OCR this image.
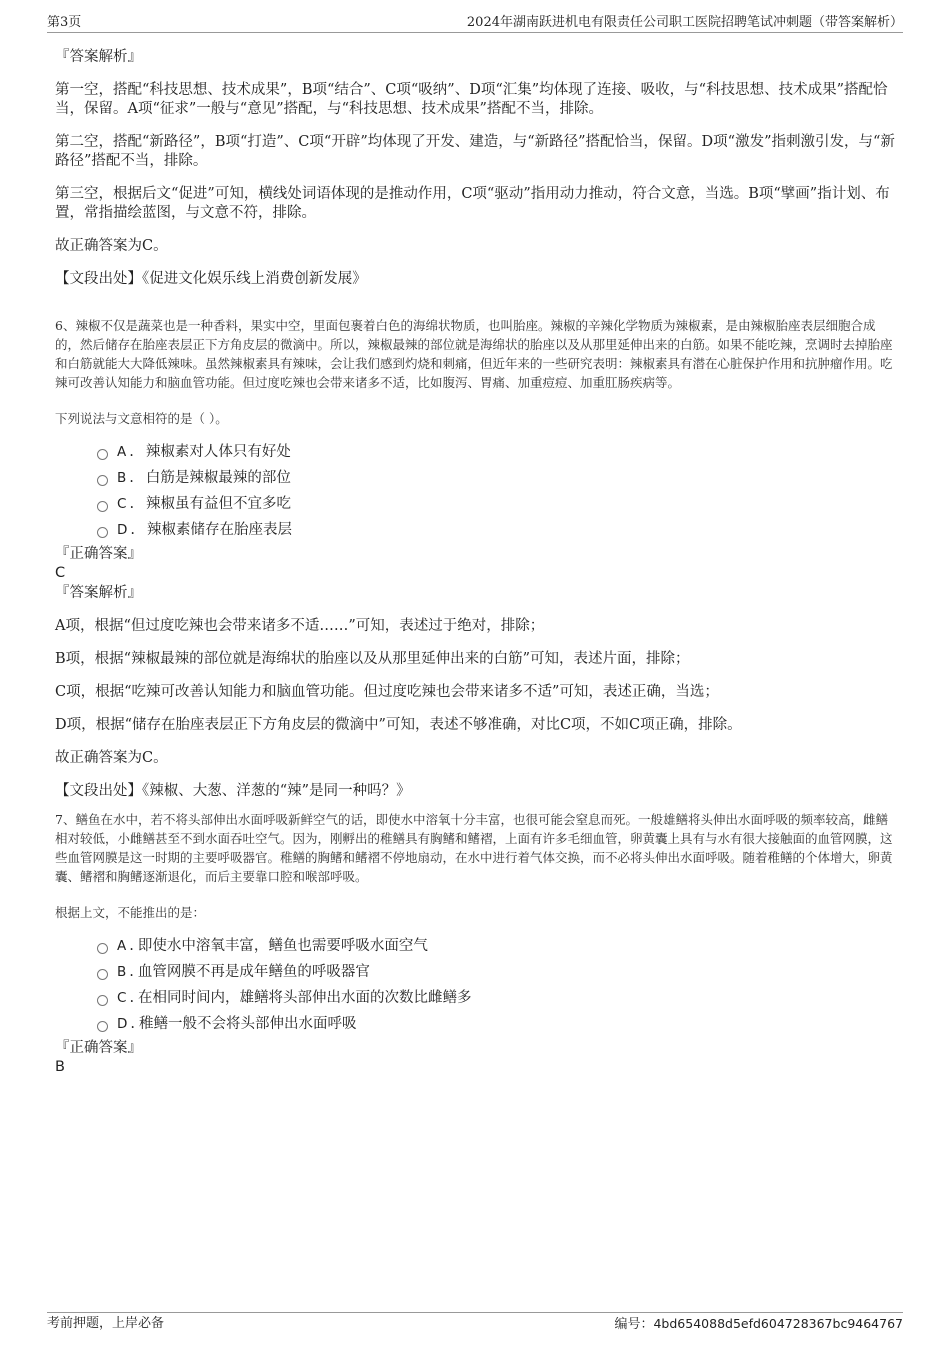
第3页	2024年湖南跃进机电有限责任公司职工医院招聘笔试冲刺题（带答案解析）

『答案解析』

第一空，搭配“科技思想、技术成果”，B项“结合”、C项“吸纳”、D项“汇集”均体现了连接、吸收，与“科技思想、技术成果”搭配恰当，保留。A项“征求”一般与“意见”搭配，与“科技思想、技术成果”搭配不当，排除。

第二空，搭配“新路径”，B项“打造”、C项“开辟”均体现了开发、建造，与“新路径”搭配恰当，保留。D项“激发”指刺激引发，与“新路径”搭配不当，排除。

第三空，根据后文“促进”可知，横线处词语体现的是推动作用，C项“驱动”指用动力推动，符合文意，当选。B项“擘画”指计划、布置，常指描绘蓝图，与文意不符，排除。

故正确答案为C。

【文段出处】《促进文化娱乐线上消费创新发展》

6、辣椒不仅是蔬菜也是一种香料，果实中空，里面包裹着白色的海绵状物质，也叫胎座。辣椒的辛辣化学物质为辣椒素，是由辣椒胎座表层细胞合成的，然后储存在胎座表层正下方角皮层的微滴中。所以，辣椒最辣的部位就是海绵状的胎座以及从那里延伸出来的白筋。如果不能吃辣，烹调时去掉胎座和白筋就能大大降低辣味。虽然辣椒素具有辣味，会让我们感到灼烧和刺痛，但近年来的一些研究表明：辣椒素具有潜在心脏保护作用和抗肿瘤作用。吃辣可改善认知能力和脑血管功能。但过度吃辣也会带来诸多不适，比如腹泻、胃痛、加重痘痘、加重肛肠疾病等。

下列说法与文意相符的是（ ）。

A . 辣椒素对人体只有好处
B . 白筋是辣椒最辣的部位
C . 辣椒虽有益但不宜多吃
D . 辣椒素储存在胎座表层

『正确答案』

C

『答案解析』

A项，根据“但过度吃辣也会带来诸多不适……”可知，表述过于绝对，排除；

B项，根据“辣椒最辣的部位就是海绵状的胎座以及从那里延伸出来的白筋”可知，表述片面，排除；

C项，根据“吃辣可改善认知能力和脑血管功能。但过度吃辣也会带来诸多不适”可知，表述正确，当选；

D项，根据“储存在胎座表层正下方角皮层的微滴中”可知，表述不够准确，对比C项，不如C项正确，排除。

故正确答案为C。

【文段出处】《辣椒、大葱、洋葱的“辣”是同一种吗？》

7、鳝鱼在水中，若不将头部伸出水面呼吸新鲜空气的话，即使水中溶氧十分丰富，也很可能会窒息而死。一般雄鳝将头伸出水面呼吸的频率较高，雌鳝相对较低，小雌鳝甚至不到水面吞吐空气。因为，刚孵出的稚鳝具有胸鳍和鳍褶，上面有许多毛细血管，卵黄囊上具有与水有很大接触面的血管网膜，这些血管网膜是这一时期的主要呼吸器官。稚鳝的胸鳍和鳍褶不停地扇动，在水中进行着气体交换，而不必将头伸出水面呼吸。随着稚鳝的个体增大，卵黄囊、鳍褶和胸鳍逐渐退化，而后主要靠口腔和喉部呼吸。

根据上文，不能推出的是：

A . 即使水中溶氧丰富，鳝鱼也需要呼吸水面空气
B . 血管网膜不再是成年鳝鱼的呼吸器官
C . 在相同时间内，雄鳝将头部伸出水面的次数比雌鳝多
D . 稚鳝一般不会将头部伸出水面呼吸

『正确答案』

B

考前押题，上岸必备	编号：4bd654088d5efd604728367bc9464767
